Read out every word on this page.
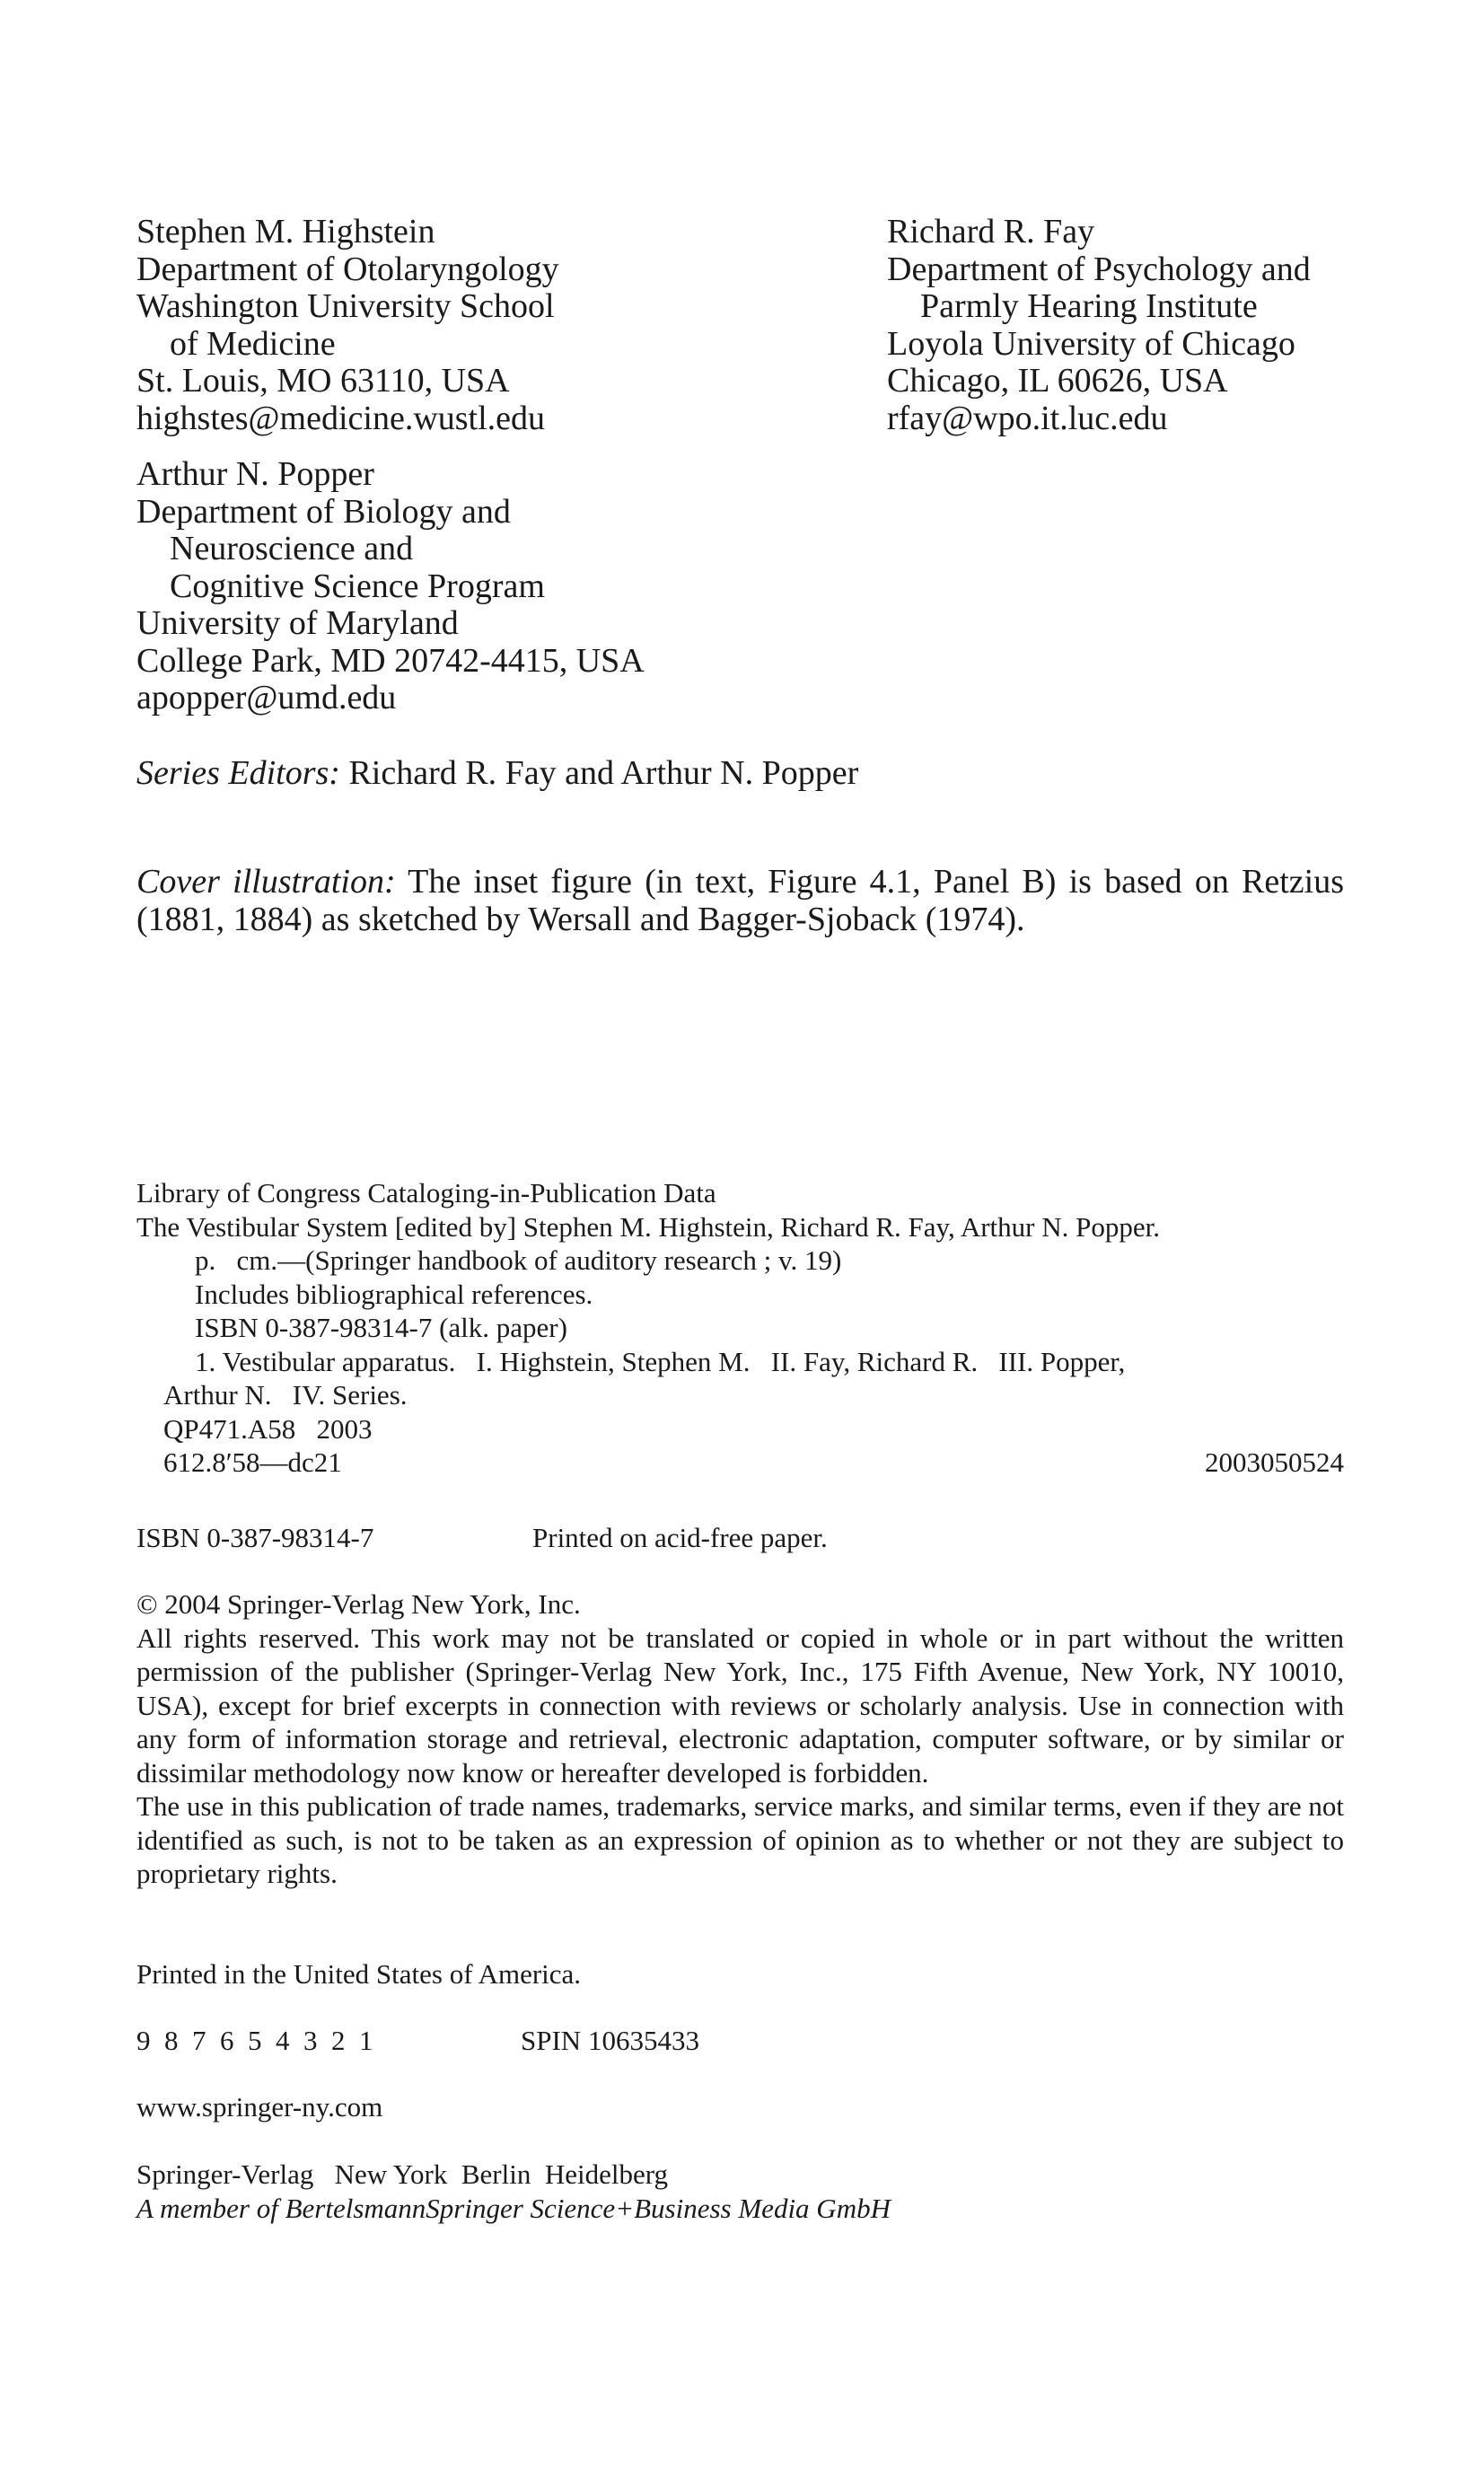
Stephen M. Highstein
Department of Otolaryngology
Washington University School
of Medicine
St. Louis, MO 63110, USA
highstes@medicine.wustl.edu
Richard R. Fay
Department of Psychology and
Parmly Hearing Institute
Loyola University of Chicago
Chicago, IL 60626, USA
rfay@wpo.it.luc.edu
Arthur N. Popper
Department of Biology and
Neuroscience and
Cognitive Science Program
University of Maryland
College Park, MD 20742-4415, USA
apopper@umd.edu
Series Editors: Richard R. Fay and Arthur N. Popper
Cover illustration: The inset figure (in text, Figure 4.1, Panel B) is based on Retzius (1881, 1884) as sketched by Wersall and Bagger-Sjoback (1974).
Library of Congress Cataloging-in-Publication Data
The Vestibular System [edited by] Stephen M. Highstein, Richard R. Fay, Arthur N. Popper.
p.   cm.—(Springer handbook of auditory research ; v. 19)
Includes bibliographical references.
ISBN 0-387-98314-7 (alk. paper)
1. Vestibular apparatus.   I. Highstein, Stephen M.   II. Fay, Richard R.   III. Popper,
Arthur N.   IV. Series.
QP471.A58   2003
612.8′58—dc21	2003050524
ISBN 0-387-98314-7	Printed on acid-free paper.
© 2004 Springer-Verlag New York, Inc.
All rights reserved. This work may not be translated or copied in whole or in part without the written permission of the publisher (Springer-Verlag New York, Inc., 175 Fifth Avenue, New York, NY 10010, USA), except for brief excerpts in connection with reviews or scholarly analysis. Use in connection with any form of information storage and retrieval, electronic adaptation, computer software, or by similar or dissimilar methodology now know or hereafter developed is forbidden.
The use in this publication of trade names, trademarks, service marks, and similar terms, even if they are not identified as such, is not to be taken as an expression of opinion as to whether or not they are subject to proprietary rights.
Printed in the United States of America.
9  8  7  6  5  4  3  2  1	SPIN 10635433
www.springer-ny.com
Springer-Verlag   New York  Berlin  Heidelberg
A member of BertelsmannSpringer Science+Business Media GmbH
